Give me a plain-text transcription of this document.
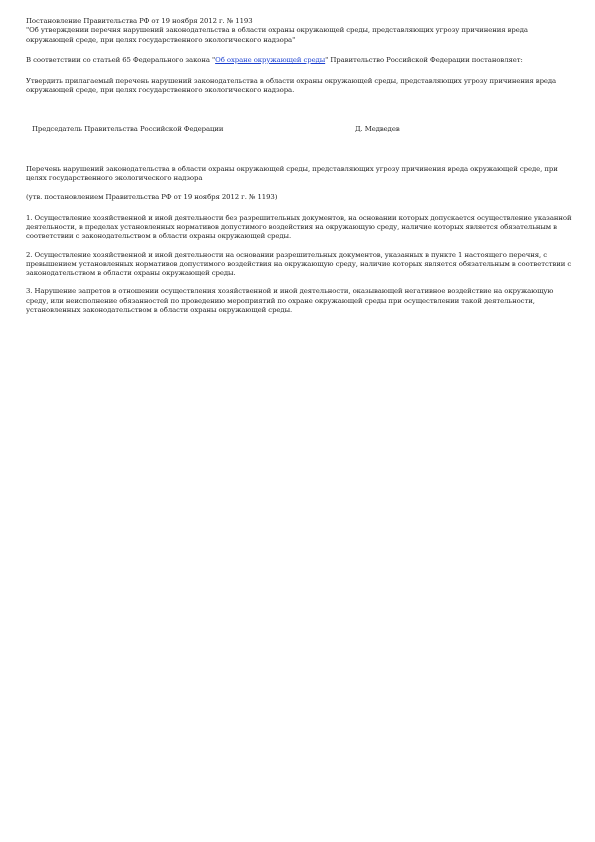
Постановление Правительства РФ от 19 ноября 2012 г. № 1193
"Об утверждении перечня нарушений законодательства в области охраны окружающей среды, представляющих угрозу причинения вреда окружающей среде, при целях государственного экологического надзора"

В соответствии со статьей 65 Федерального закона "Об охране окружающей среды" Правительство Российской Федерации постановляет:

Утвердить прилагаемый перечень нарушений законодательства в области охраны окружающей среды, представляющих угрозу причинения вреда окружающей среде, при целях государственного экологического надзора.

Председатель Правительства Российской Федерации	Д. Медведев

Перечень нарушений законодательства в области охраны окружающей среды, представляющих угрозу причинения вреда окружающей среде, при целях государственного экологического надзора

(утв. постановлением Правительства РФ от 19 ноября 2012 г. № 1193)

1. Осуществление хозяйственной и иной деятельности без разрешительных документов, на основании которых допускается осуществление указанной деятельности, в пределах установленных нормативов допустимого воздействия на окружающую среду, наличие которых является обязательным в соответствии с законодательством в области охраны окружающей среды.

2. Осуществление хозяйственной и иной деятельности на основании разрешительных документов, указанных в пункте 1 настоящего перечня, с превышением установленных нормативов допустимого воздействия на окружающую среду, наличие которых является обязательным в соответствии с законодательством в области охраны окружающей среды.

3. Нарушение запретов в отношении осуществления хозяйственной и иной деятельности, оказывающей негативное воздействие на окружающую среду, или неисполнение обязанностей по проведению мероприятий по охране окружающей среды при осуществлении такой деятельности, установленных законодательством в области охраны окружающей среды.
